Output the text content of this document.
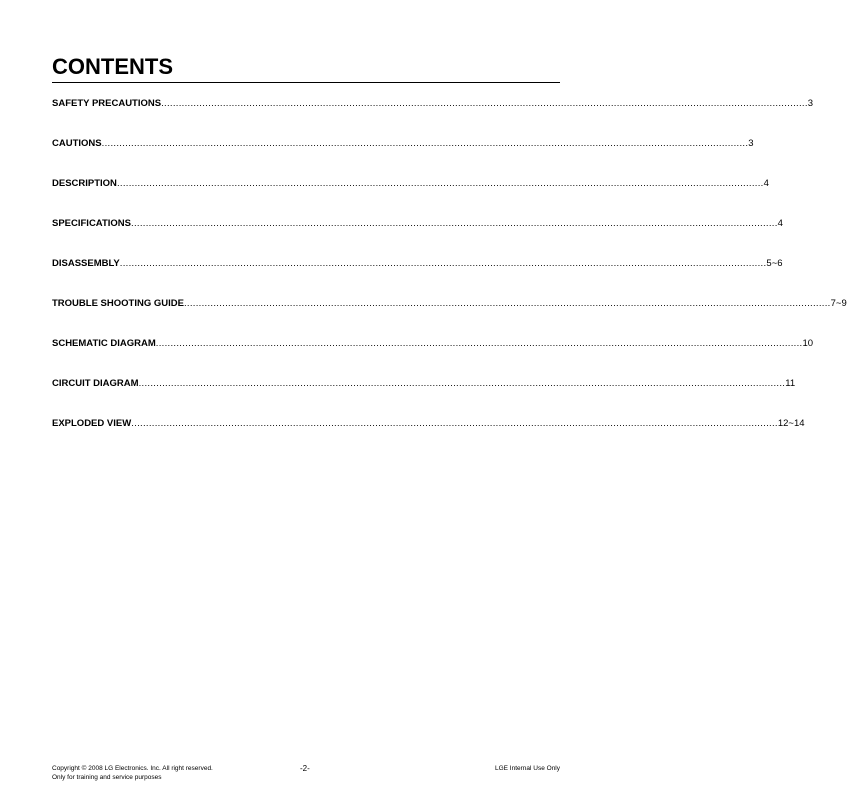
CONTENTS
SAFETY PRECAUTIONS ............................................................................................................................................................................................................................ 3
CAUTIONS ............................................................................................................................................................................................................................ 3
DESCRIPTION ............................................................................................................................................................................................................................ 4
SPECIFICATIONS ............................................................................................................................................................................................................................ 4
DISASSEMBLY ............................................................................................................................................................................................................................ 5~6
TROUBLE SHOOTING GUIDE ............................................................................................................................................................................................................................ 7~9
SCHEMATIC DIAGRAM ............................................................................................................................................................................................................................ 10
CIRCUIT DIAGRAM ............................................................................................................................................................................................................................ 11
EXPLODED VIEW ............................................................................................................................................................................................................................ 12~14
Copyright © 2008 LG Electronics. Inc. All right reserved.
Only for training and service purposes
-2-	LGE Internal Use Only
